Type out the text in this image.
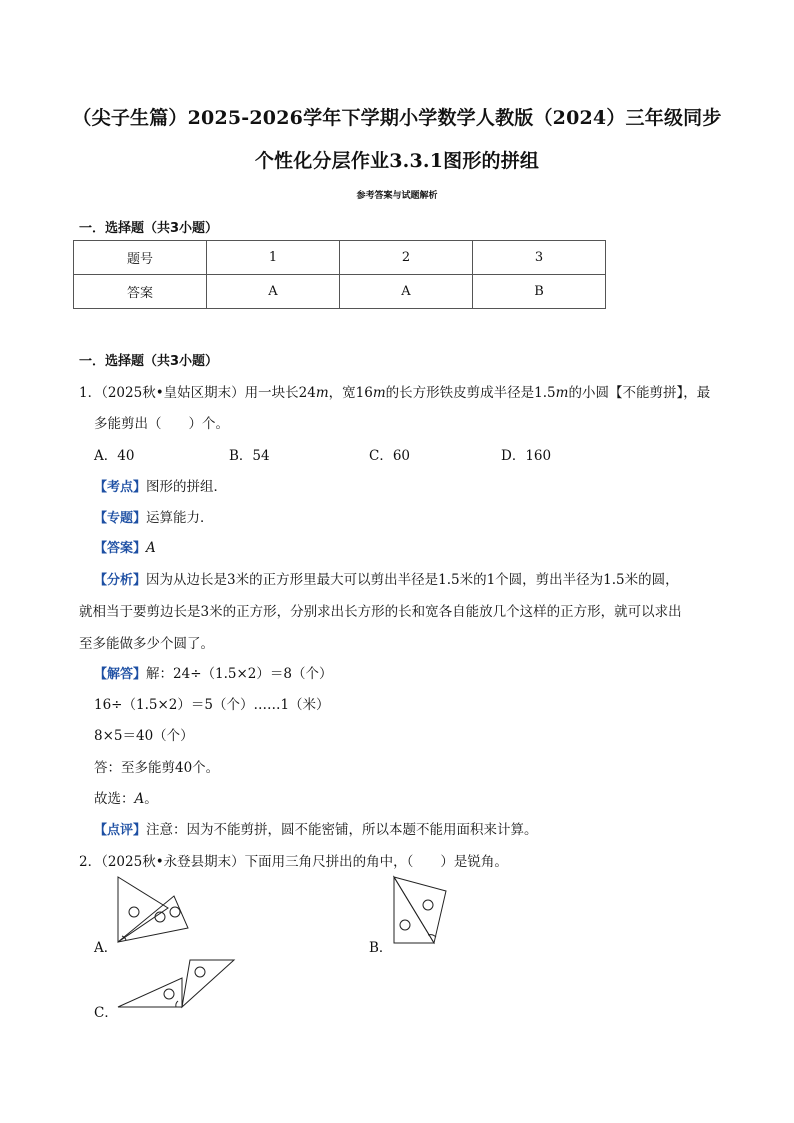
（尖子生篇）2025-2026学年下学期小学数学人教版（2024）三年级同步
个性化分层作业3.3.1图形的拼组
参考答案与试题解析
一．选择题（共3小题）
题号	1	2	3
答案	A	A	B
一．选择题（共3小题）
1．（2025秋•皇姑区期末）用一块长24m，宽16m的长方形铁皮剪成半径是1.5m的小圆【不能剪拼】，最
多能剪出（　　）个。
A．40	B．54	C．60	D．160
【考点】图形的拼组．
【专题】运算能力．
【答案】A
【分析】因为从边长是3米的正方形里最大可以剪出半径是1.5米的1个圆，剪出半径为1.5米的圆，
就相当于要剪边长是3米的正方形，分别求出长方形的长和宽各自能放几个这样的正方形，就可以求出
至多能做多少个圆了。
【解答】解：24÷（1.5×2）＝8（个）
16÷（1.5×2）＝5（个）……1（米）
8×5＝40（个）
答：至多能剪40个。
故选：A。
【点评】注意：因为不能剪拼，圆不能密铺，所以本题不能用面积来计算。
2．（2025秋•永登县期末）下面用三角尺拼出的角中，（　　）是锐角。
A．	B．
C．
